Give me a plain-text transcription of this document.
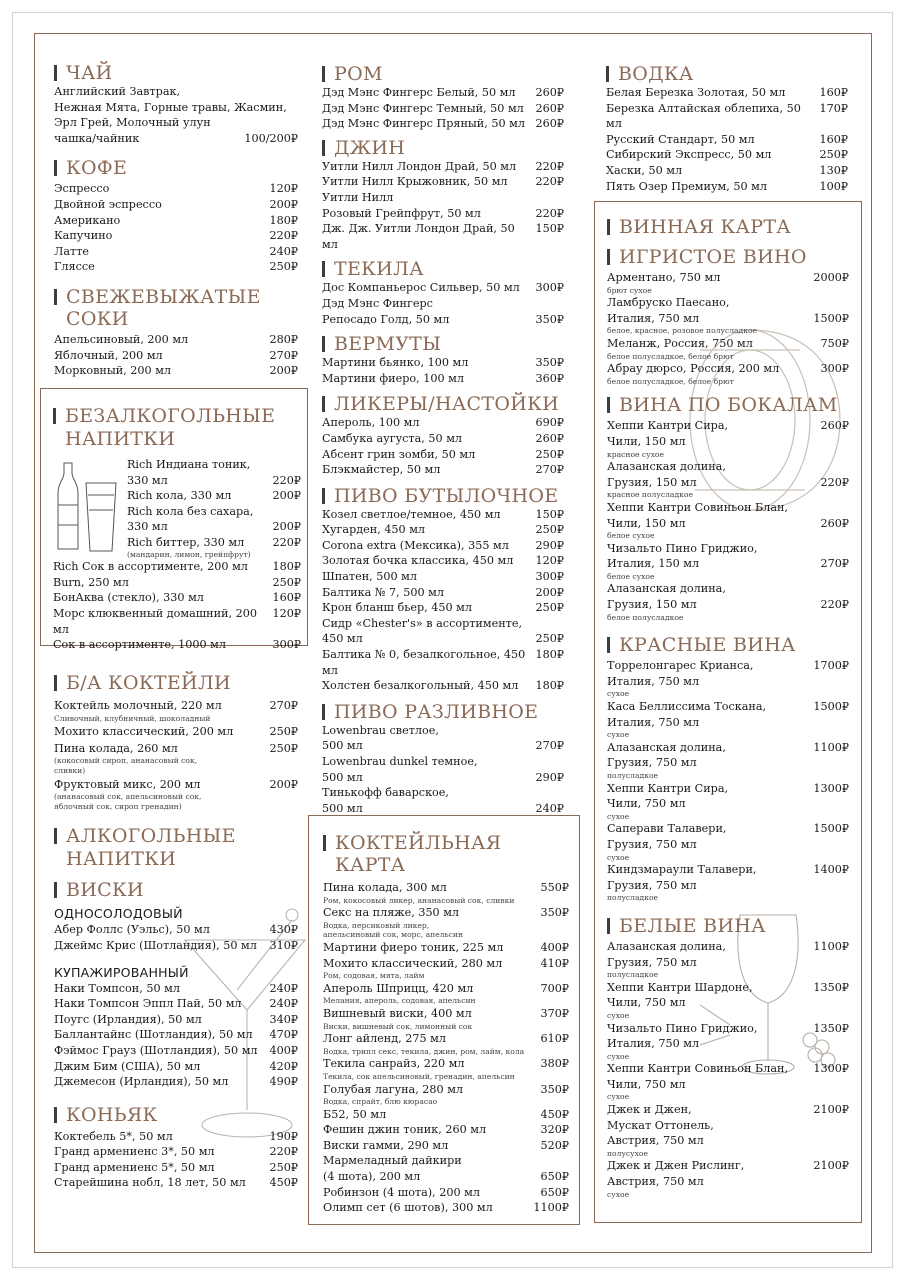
ЧАЙ
Английский Завтрак,
Нежная Мята, Горные травы, Жасмин,
Эрл Грей, Молочный улун
чашка/чайник	100/200₽
КОФЕ
Эспрессо	120₽
Двойной эспрессо	200₽
Американо	180₽
Капучино	220₽
Латте	240₽
Гляссе	250₽
СВЕЖЕВЫЖАТЫЕ СОКИ
Апельсиновый, 200 мл	280₽
Яблочный, 200 мл	270₽
Морковный, 200 мл	200₽
БЕЗАЛКОГОЛЬНЫЕ
НАПИТКИ
Rich Индиана тоник,
330 мл	220₽
Rich кола, 330 мл	200₽
Rich кола без сахара,
330 мл	200₽
Rich биттер, 330 мл	220₽
(мандарин, лимон, грейпфрут)
Rich Сок в ассортименте, 200 мл	180₽
Burn, 250 мл	250₽
БонАква (стекло), 330 мл	160₽
Морс клюквенный домашний, 200 мл
120₽
Сок в ассортименте, 1000 мл	300₽
Б/А КОКТЕЙЛИ
Коктейль молочный, 220 мл	270₽
Сливочный, клубничный, шоколадный
Мохито классический, 200 мл	250₽
Пина колада, 260 мл	250₽
(кокосовый сироп, ананасовый сок,
сливки)
Фруктовый микс, 200 мл	200₽
(ананасовый сок, апельсиновый сок,
яблочный сок, сироп гренадин)
АЛКОГОЛЬНЫЕ
НАПИТКИ
ВИСКИ
ОДНОСОЛОДОВЫЙ
Абер Фоллс (Уэльс), 50 мл	430₽
Джеймс Крис (Шотландия), 50 мл	310₽
КУПАЖИРОВАННЫЙ
Наки Томпсон, 50 мл	240₽
Наки Томпсон Эппл Пай, 50 мл	240₽
Поугс (Ирландия), 50 мл	340₽
Баллантайнс (Шотландия), 50 мл	470₽
Фэймос Грауз (Шотландия), 50 мл	400₽
Джим Бим (США), 50 мл	420₽
Джемесон (Ирландия), 50 мл	490₽
КОНЬЯК
Коктебель 5*, 50 мл	190₽
Гранд армениенс 3*, 50 мл	220₽
Гранд армениенс 5*, 50 мл	250₽
Старейшина нобл, 18 лет, 50 мл	450₽
РОМ
Дэд Мэнс Фингерс Белый, 50 мл	260₽
Дэд Мэнс Фингерс Темный, 50 мл	260₽
Дэд Мэнс Фингерс Пряный, 50 мл 260₽
ДЖИН
Уитли Нилл Лондон Драй, 50 мл	220₽
Уитли Нилл Крыжовник, 50 мл	220₽
Уитли Нилл
Розовый Грейпфрут, 50 мл	220₽
Дж. Дж. Уитли Лондон Драй, 50 мл
150₽
ТЕКИЛА
Дос Компаньерос Сильвер, 50 мл	300₽
Дэд Мэнс Фингерс
Репосадо Голд, 50 мл	350₽
ВЕРМУТЫ
Мартини бьянко, 100 мл	350₽
Мартини фиеро, 100 мл	360₽
ЛИКЕРЫ/НАСТОЙКИ
Апероль, 100 мл	690₽
Самбука аугуста, 50 мл	260₽
Абсент грин зомби, 50 мл	250₽
Блэкмайстер, 50 мл	270₽
ПИВО БУТЫЛОЧНОЕ
Козел светлое/темное, 450 мл	150₽
Хугарден, 450 мл	250₽
Corona extra (Мексика), 355 мл	290₽
Золотая бочка классика, 450 мл	120₽
Шпатен, 500 мл	300₽
Балтика № 7, 500 мл	200₽
Крон бланш бьер, 450 мл	250₽
Сидр «Chester's» в ассортименте,
450 мл	250₽
Балтика № 0, безалкогольное, 450 мл
180₽
Холстен безалкогольный, 450 мл	180₽
ПИВО РАЗЛИВНОЕ
Lowenbrau светлое,
500 мл	270₽
Lowenbrau dunkel темное,
500 мл	290₽
Тинькофф баварское,
500 мл	240₽
КОКТЕЙЛЬНАЯ КАРТА
Пина колада, 300 мл	550₽
Ром, кокосовый ликер, ананасовый сок, сливки
Секс на пляже, 350 мл	350₽
Водка, персиковый ликер,
апельсиновый сок, морс, апельсин
Мартини фиеро тоник, 225 мл	400₽
Мохито классический, 280 мл	410₽
Ром, содовая, мята, лайм
Апероль Шприцц, 420 мл	700₽
Мелания, апероль, содовая, апельсин
Вишневый виски, 400 мл	370₽
Виски, вишневый сок, лимонный сок
Лонг айленд, 275 мл	610₽
Водка, трипл секс, текила, джин, ром, лайм, кола
Текила санрайз, 220 мл	380₽
Текила, сок апельсиновый, гренадин, апельсин
Голубая лагуна, 280 мл	350₽
Водка, спрайт, блю кюрасао
Б52, 50 мл	450₽
Фешин джин тоник, 260 мл	320₽
Виски гамми, 290 мл	520₽
Мармеладный дайкири
(4 шота), 200 мл	650₽
Робинзон (4 шота), 200 мл	650₽
Олимп сет (6 шотов), 300 мл	1100₽
ВОДКА
Белая Березка Золотая, 50 мл	160₽
Березка Алтайская облепиха, 50 мл
170₽
Русский Стандарт, 50 мл	160₽
Сибирский Экспресс, 50 мл	250₽
Хаски, 50 мл	130₽
Пять Озер Премиум, 50 мл	100₽
ВИННАЯ КАРТА
ИГРИСТОЕ ВИНО
Арментано, 750 мл	2000₽
брют сухое
Ламбруско Паесано,
Италия, 750 мл	1500₽
белое, красное, розовое полусладкое
Меланж, Россия, 750 мл	750₽
белое полусладкое, белое брют
Абрау дюрсо, Россия, 200 мл	300₽
белое полусладкое, белое брют
ВИНА ПО БОКАЛАМ
Хеппи Кантри Сира,
Чили, 150 мл
260₽
красное сухое
Алазанская долина,
Грузия, 150 мл	220₽
красное полусладкое
Хеппи Кантри Совиньон Блан,
Чили, 150 мл	260₽
белое сухое
Чизальто Пино Гриджио,
Италия, 150 мл	270₽
белое сухое
Алазанская долина,
Грузия, 150 мл	220₽
белое полусладкое
КРАСНЫЕ ВИНА
Торрелонгарес Крианса,
Италия, 750 мл
1700₽
сухое
Каса Беллиссима Тоскана,
Италия, 750 мл
1500₽
сухое
Алазанская долина,
Грузия, 750 мл
1100₽
полусладкое
Хеппи Кантри Сира,
Чили, 750 мл
1300₽
сухое
Саперави Талавери,
Грузия, 750 мл
1500₽
сухое
Киндзмараули Талавери,
Грузия, 750 мл
1400₽
полусладкое
БЕЛЫЕ ВИНА
Алазанская долина,
Грузия, 750 мл
1100₽
полусладкое
Хеппи Кантри Шардоне,
Чили, 750 мл
1350₽
сухое
Чизальто Пино Гриджио,
Италия, 750 мл
1350₽
сухое
Хеппи Кантри Совиньон Блан,
Чили, 750 мл
1300₽
сухое
Джек и Джен,
Мускат Оттонель,
Австрия, 750 мл
2100₽
полусухое
Джек и Джен Рислинг,
Австрия, 750 мл
2100₽
сухое
